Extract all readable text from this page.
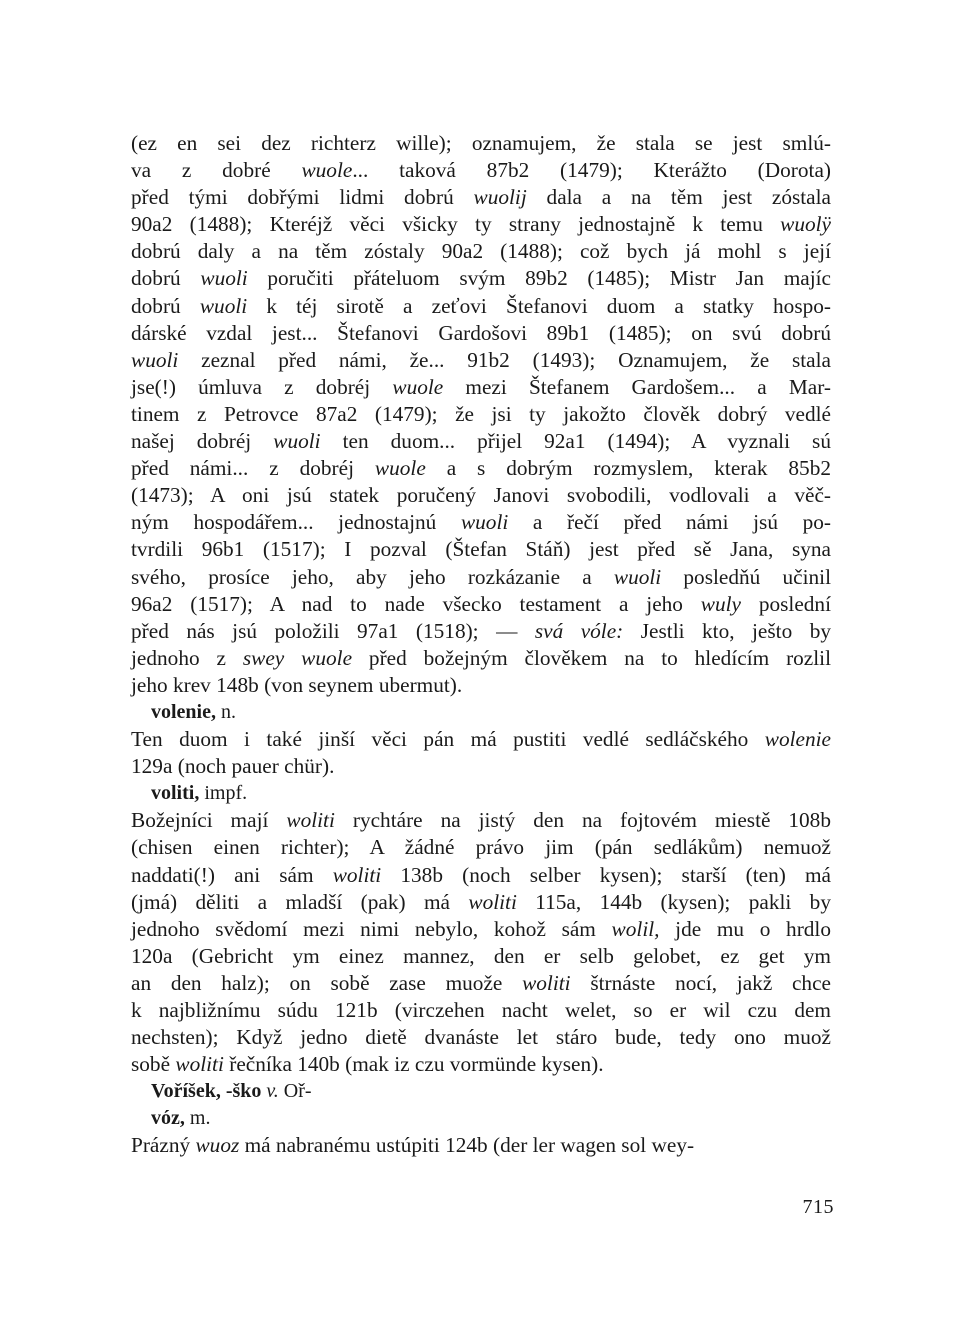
(ez en sei dez richterz wille); oznamujem, že stala se jest smlú-
va z dobré wuole... taková 87b2 (1479); Kterážto (Dorota)
před tými dobřými lidmi dobrú wuolij dala a na těm jest zóstala
90a2 (1488); Kteréjž věci všicky ty strany jednostajně k temu wuolÿ
dobrú daly a na těm zóstaly 90a2 (1488); což bych já mohl s její
dobrú wuoli poručiti přáteluom svým 89b2 (1485); Mistr Jan majíc
dobrú wuoli k téj sirotě a zeťovi Štefanovi duom a statky hospo-
dárské vzdal jest... Štefanovi Gardošovi 89b1 (1485); on svú dobrú
wuoli zeznal před námi, že... 91b2 (1493); Oznamujem, že stala
jse(!) úmluva z dobréj wuole mezi Štefanem Gardošem... a Mar-
tinem z Petrovce 87a2 (1479); že jsi ty jakožto člověk dobrý vedlé
našej dobréj wuoli ten duom... přijel 92a1 (1494); A vyznali sú
před námi... z dobréj wuole a s dobrým rozmyslem, kterak 85b2
(1473); A oni jsú statek poručený Janovi svobodili, vodlovali a věč-
ným hospodářem... jednostajnú wuoli a řečí před námi jsú po-
tvrdili 96b1 (1517); I pozval (Štefan Stáň) jest před sě Jana, syna
svého, prosíce jeho, aby jeho rozkázanie a wuoli posledňú učinil
96a2 (1517); A nad to nade všecko testament a jeho wuly poslední
před nás jsú položili 97a1 (1518); — svá vóle: Jestli kto, ješto by
jednoho z swey wuole před božejným člověkem na to hledícím rozlil
jeho krev 148b (von seynem ubermut).
volenie, n.
Ten duom i také jinší věci pán má pustiti vedlé sedláčského wolenie
129a (noch pauer chür).
voliti, impf.
Božejníci mají woliti rychtáre na jistý den na fojtovém miestě 108b
(chisen einen richter); A žádné právo jim (pán sedlákům) nemuož
naddati(!) ani sám woliti 138b (noch selber kysen); starší (ten) má
(jmá) děliti a mladší (pak) má woliti 115a, 144b (kysen); pakli by
jednoho svědomí mezi nimi nebylo, kohož sám wolil, jde mu o hrdlo
120a (Gebricht ym einez mannez, den er selb gelobet, ez get ym
an den halz); on sobě zase muože woliti štrnáste nocí, jakž chce
k najbližnímu súdu 121b (virczehen nacht welet, so er wil czu dem
nechsten); Když jedno dietě dvanáste let stáro bude, tedy ono muož
sobě woliti řečníka 140b (mak iz czu vormünde kysen).
Voříšek, -ško v. Oř-
vóz, m.
Prázný wuoz má nabranému ustúpiti 124b (der ler wagen sol wey-
715
